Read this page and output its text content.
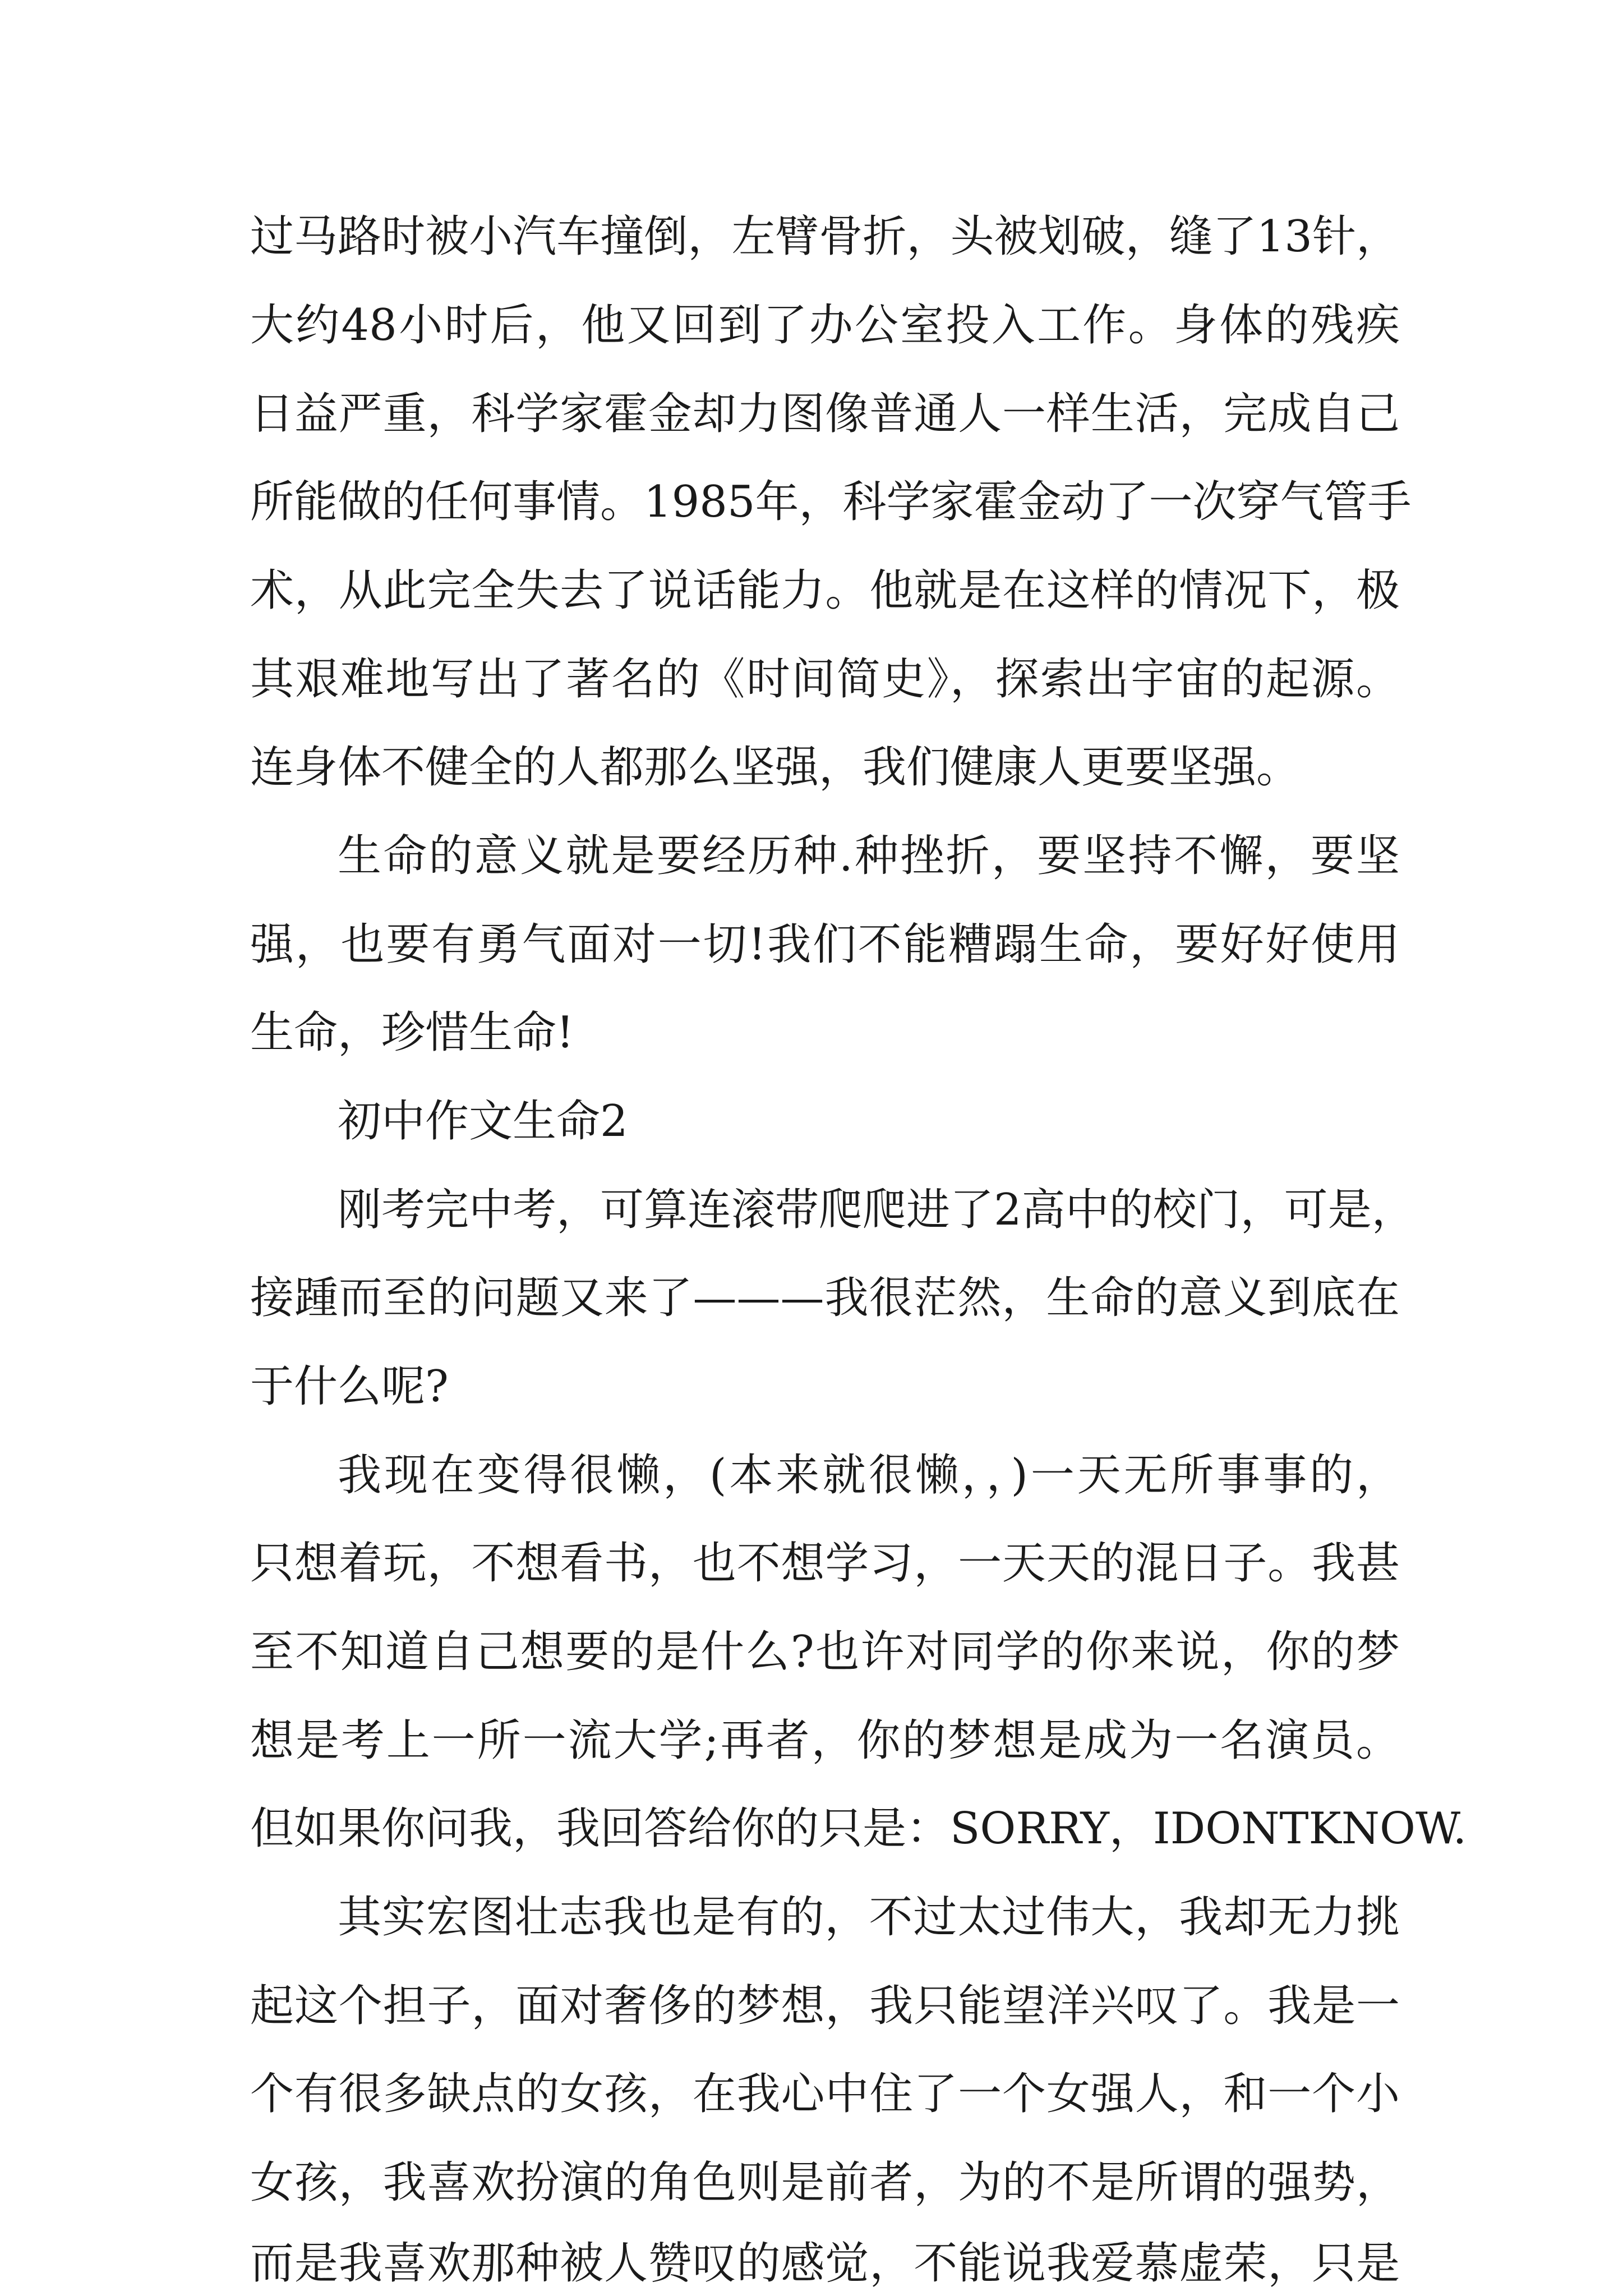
过马路时被小汽车撞倒，左臂骨折，头被划破，缝了13针，

大约48小时后，他又回到了办公室投入工作。身体的残疾

日益严重，科学家霍金却力图像普通人一样生活，完成自己

所能做的任何事情。1985年，科学家霍金动了一次穿气管手

术，从此完全失去了说话能力。他就是在这样的情况下，极

其艰难地写出了著名的《时间简史》，探索出宇宙的起源。

连身体不健全的人都那么坚强，我们健康人更要坚强。

生命的意义就是要经历种.种挫折，要坚持不懈，要坚

强，也要有勇气面对一切!我们不能糟蹋生命，要好好使用

生命，珍惜生命!

初中作文生命2

刚考完中考，可算连滚带爬爬进了2高中的校门，可是，

接踵而至的问题又来了———我很茫然，生命的意义到底在

于什么呢?

我现在变得很懒，(本来就很懒，，)一天无所事事的，

只想着玩，不想看书，也不想学习，一天天的混日子。我甚

至不知道自己想要的是什么?也许对同学的你来说，你的梦

想是考上一所一流大学;再者，你的梦想是成为一名演员。

但如果你问我，我回答给你的只是：SORRY，IDONTKNOW.

其实宏图壮志我也是有的，不过太过伟大，我却无力挑

起这个担子，面对奢侈的梦想，我只能望洋兴叹了。我是一

个有很多缺点的女孩，在我心中住了一个女强人，和一个小

女孩，我喜欢扮演的角色则是前者，为的不是所谓的强势，

而是我喜欢那种被人赞叹的感觉，不能说我爱慕虚荣，只是
